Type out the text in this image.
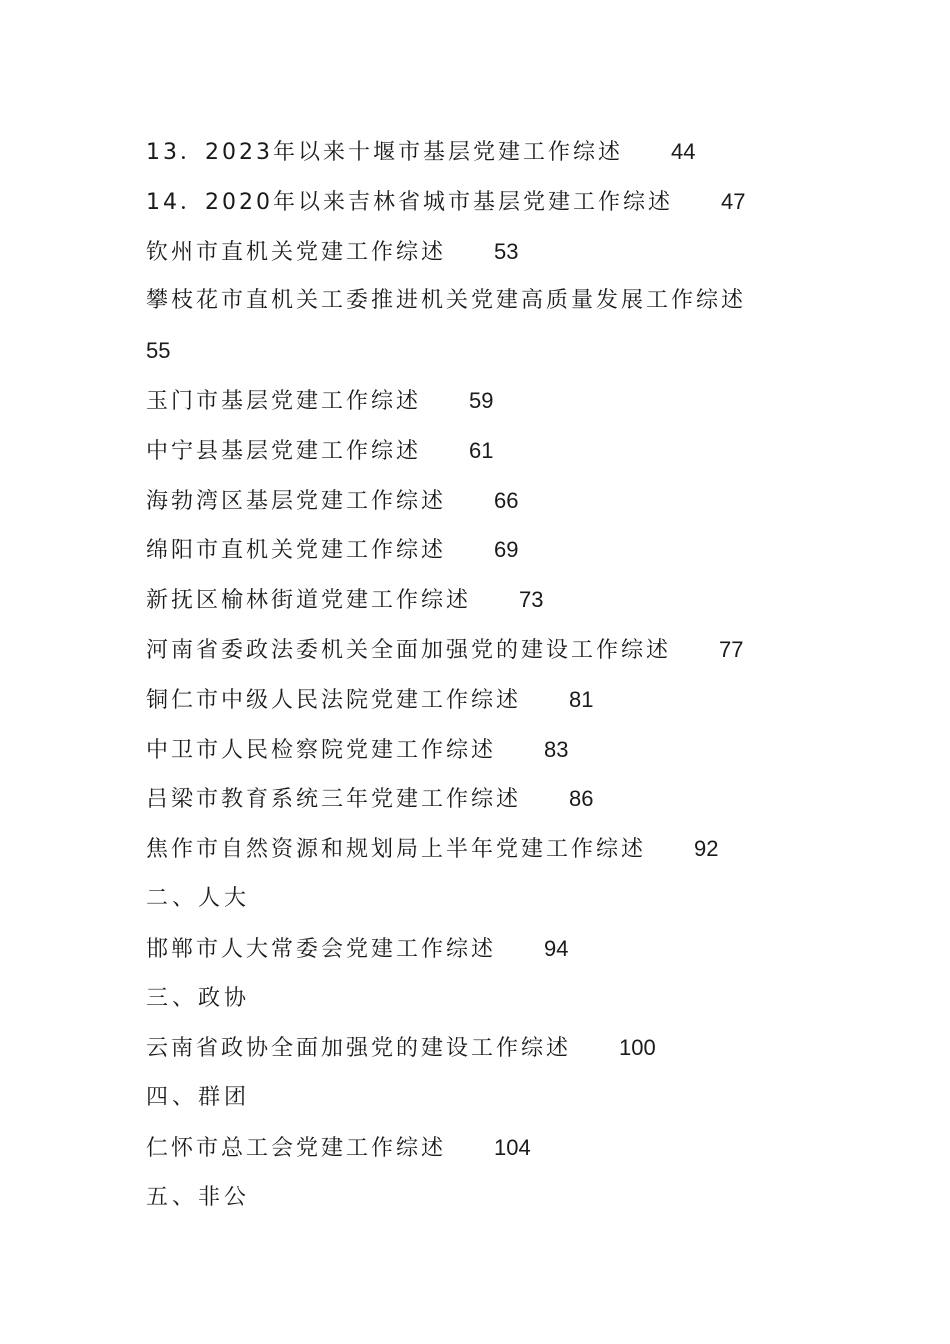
13．2023年以来十堰市基层党建工作综述 44
14．2020年以来吉林省城市基层党建工作综述 47
钦州市直机关党建工作综述 53
攀枝花市直机关工委推进机关党建高质量发展工作综述
55
玉门市基层党建工作综述 59
中宁县基层党建工作综述 61
海勃湾区基层党建工作综述 66
绵阳市直机关党建工作综述 69
新抚区榆林街道党建工作综述 73
河南省委政法委机关全面加强党的建设工作综述 77
铜仁市中级人民法院党建工作综述 81
中卫市人民检察院党建工作综述 83
吕梁市教育系统三年党建工作综述 86
焦作市自然资源和规划局上半年党建工作综述 92
二、人大
邯郸市人大常委会党建工作综述 94
三、政协
云南省政协全面加强党的建设工作综述 100
四、群团
仁怀市总工会党建工作综述 104
五、非公
